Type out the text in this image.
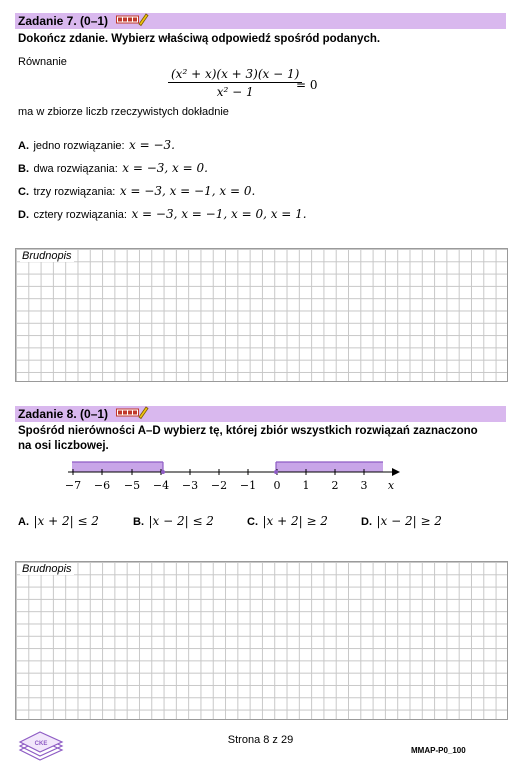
Zadanie 7. (0–1)
Dokończ zdanie. Wybierz właściwą odpowiedź spośród podanych.
Równanie
$\frac{\text{(x² + x)(x + 3)(x − 1)}}{\text{x² − 1}}$
= 0
ma w zbiorze liczb rzeczywistych dokładnie
A. jedno rozwiązanie: x = −3.
B. dwa rozwiązania: x = −3, x = 0.
C. trzy rozwiązania: x = −3, x = −1, x = 0.
D. cztery rozwiązania: x = −3, x = −1, x = 0, x = 1.
Brudnopis
Zadanie 8. (0–1)
Spośród nierówności A–D wybierz tę, której zbiór wszystkich rozwiązań zaznaczono
na osi liczbowej.
−7 −6 −5 −4 −3 −2 −1 0 1 2 3 x
A. |x + 2| ≤ 2	B. |x − 2| ≤ 2	C. |x + 2| ≥ 2	D. |x − 2| ≥ 2
Brudnopis
CKE	Strona 8 z 29
MMAP-P0_100
